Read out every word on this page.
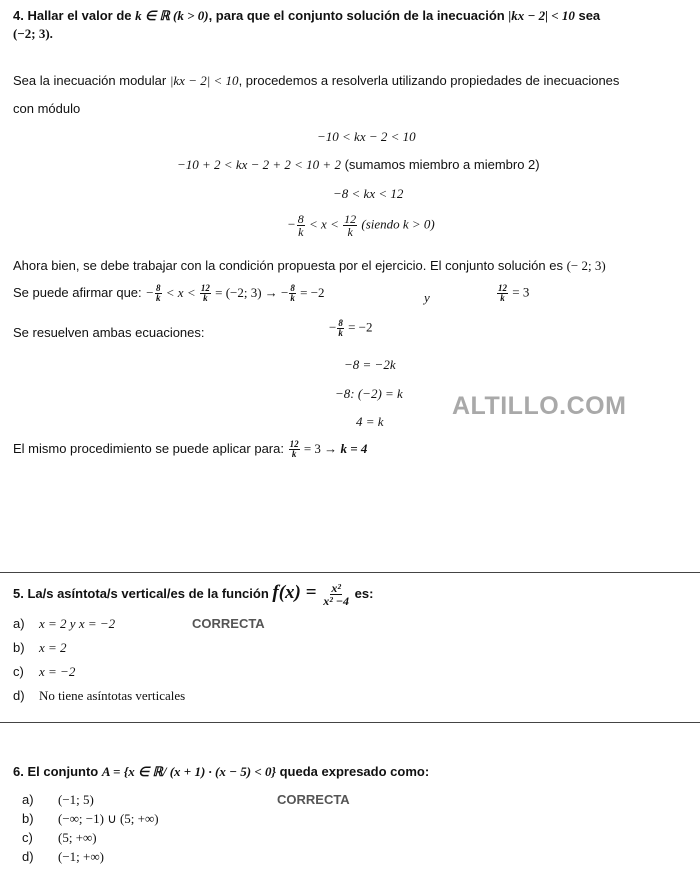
4. Hallar el valor de k ∈ ℝ (k > 0), para que el conjunto solución de la inecuación |kx − 2| < 10 sea
(−2; 3).
Sea la inecuación modular |kx − 2| < 10, procedemos a resolverla utilizando propiedades de inecuaciones
con módulo
−10 < kx − 2 < 10
−10 + 2 < kx − 2 + 2 < 10 + 2 (sumamos miembro a miembro 2)
−8 < kx < 12
− $\frac{8}{k} < x < \frac{12}{k}$ (siendo k > 0)
Ahora bien, se debe trabajar con la condición propuesta por el ejercicio. El conjunto solución es (− 2; 3)
Se puede afirmar que: − $\frac{8}{k} < x < \frac{12}{k} = (-2$; 3) → − $\frac{8}{k} = -2$	y	$\frac{12}{k} = 3$
Se resuelven ambas ecuaciones:	− $\frac{8}{k} = -2$
−8 = −2k
−8: (−2) = k
4 = k
ALTILLO.COM
El mismo procedimiento se puede aplicar para: $\frac{12}{k} = 3 \to k = 4$
5. La/s asíntota/s vertical/es de la función $f(x) = \frac{\text{x²}}{\text{x² −4}}$ es:
a) x = 2 y x = −2	CORRECTA
b) x = 2
c) x = −2
d) No tiene asíntotas verticales
6. El conjunto A = {x ∈ ℝ/ (x + 1) · (x − 5) < 0} queda expresado como:
a) (−1; 5)	CORRECTA
b) (−∞; −1) ∪ (5; +∞)
c) (5; +∞)
d) (−1; +∞)
